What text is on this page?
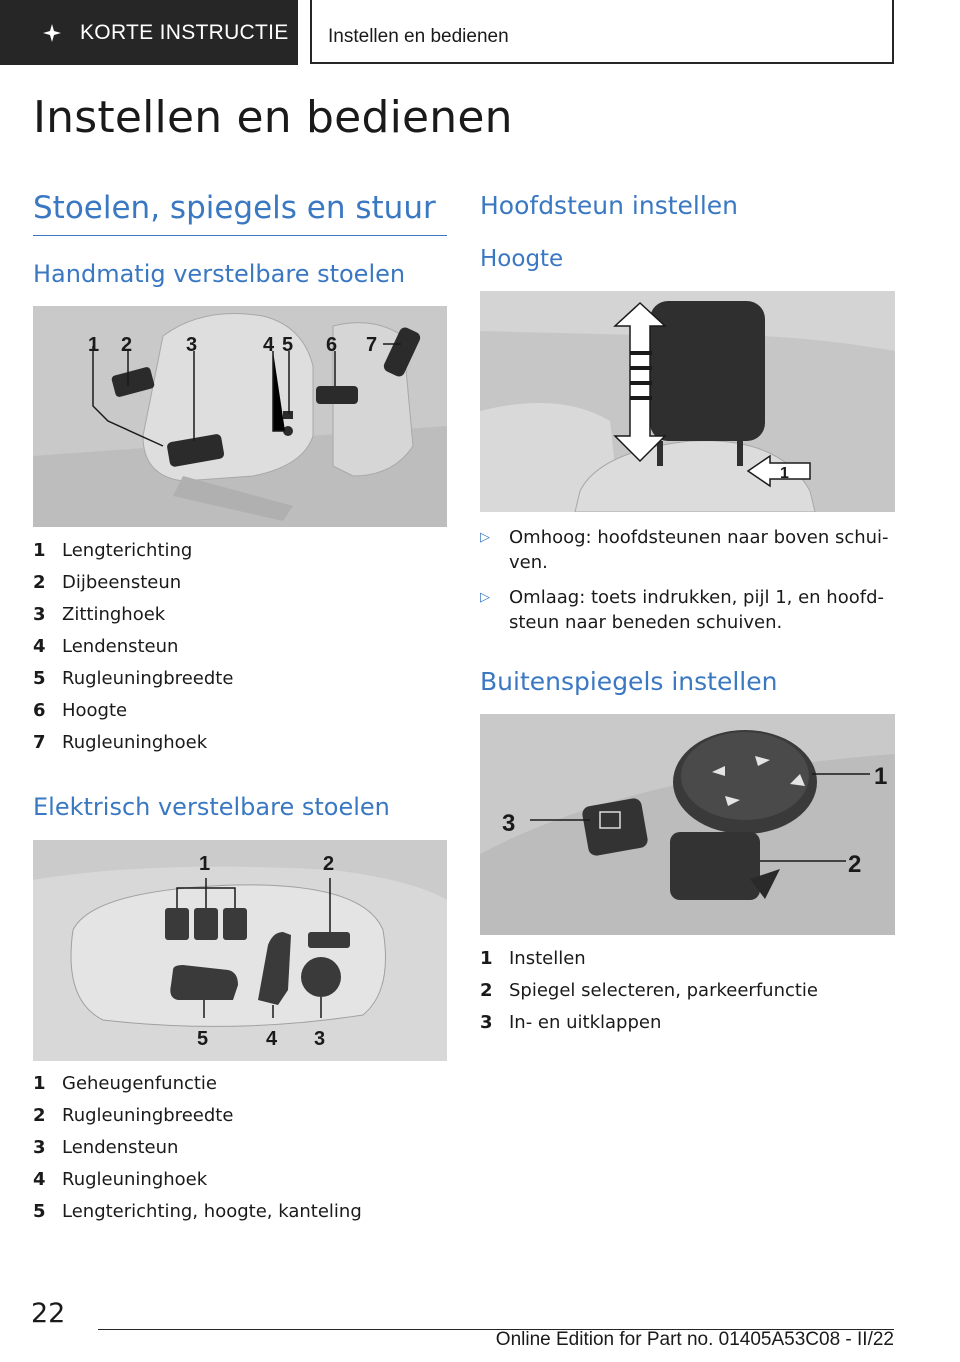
KORTE INSTRUCTIE Instellen en bedienen
Instellen en bedienen
Stoelen, spiegels en stuur
Handmatig verstelbare stoelen
1 2	3	4 5 6 7
1 Lengterichting
2 Dijbeensteun
3 Zittinghoek
4 Lendensteun
5 Rugleuningbreedte
6 Hoogte
7 Rugleuninghoek
Elektrisch verstelbare stoelen
1	2
5	4 3
1 Geheugenfunctie
2 Rugleuningbreedte
3 Lendensteun
4 Rugleuninghoek
5 Lengterichting, hoogte, kanteling
Hoofdsteun instellen
Hoogte
1
▷	Omhoog: hoofdsteunen naar boven schui-ven.
▷	Omlaag: toets indrukken, pijl 1, en hoofd-steun naar beneden schuiven.
Buitenspiegels instellen
1
2
3
1 Instellen
2 Spiegel selecteren, parkeerfunctie
3 In- en uitklappen
22
Online Edition for Part no. 01405A53C08 - II/22
